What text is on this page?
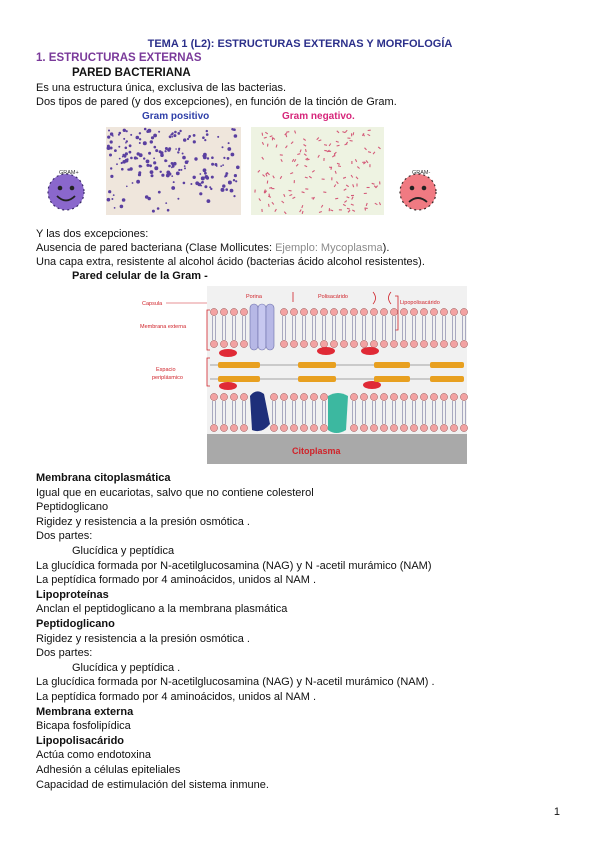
TEMA 1 (L2): ESTRUCTURAS EXTERNAS Y MORFOLOGÍA
1. ESTRUCTURAS EXTERNAS
PARED BACTERIANA
Es una estructura única, exclusiva de las bacterias.
Dos tipos de pared (y dos excepciones), en función de la tinción de Gram.
Gram positivo	Gram negativo.
GRAM+	GRAM-
Y las dos excepciones:
Ausencia de pared bacteriana (Clase Mollicutes: Ejemplo: Mycoplasma).
Una capa extra, resistente al alcohol ácido (bacterias ácido alcohol resistentes).
Pared celular de la Gram -
Capsula
Porina	Polisacárido
Lipopolisacárido
Membrana externa
Espacio
periplásmico
Citoplasma
Membrana citoplasmática
Igual que en eucariotas, salvo que no contiene colesterol
Peptidoglicano
Rigidez y resistencia a la presión osmótica .
Dos partes:
Glucídica y peptídica
La glucídica formada por N-acetilglucosamina (NAG) y N -acetil murámico (NAM)
La peptídica formado por 4 aminoácidos, unidos al NAM .
Lipoproteínas
Anclan el peptidoglicano a la membrana plasmática
Peptidoglicano
Rigidez y resistencia a la presión osmótica .
Dos partes:
Glucídica y peptídica .
La glucídica formada por N-acetilglucosamina (NAG) y N-acetil murámico (NAM) .
La peptídica formado por 4 aminoácidos, unidos al NAM .
Membrana externa
Bicapa fosfolipídica
Lipopolisacárido
Actúa como endotoxina
Adhesión a células epiteliales
Capacidad de estimulación del sistema inmune.
1
